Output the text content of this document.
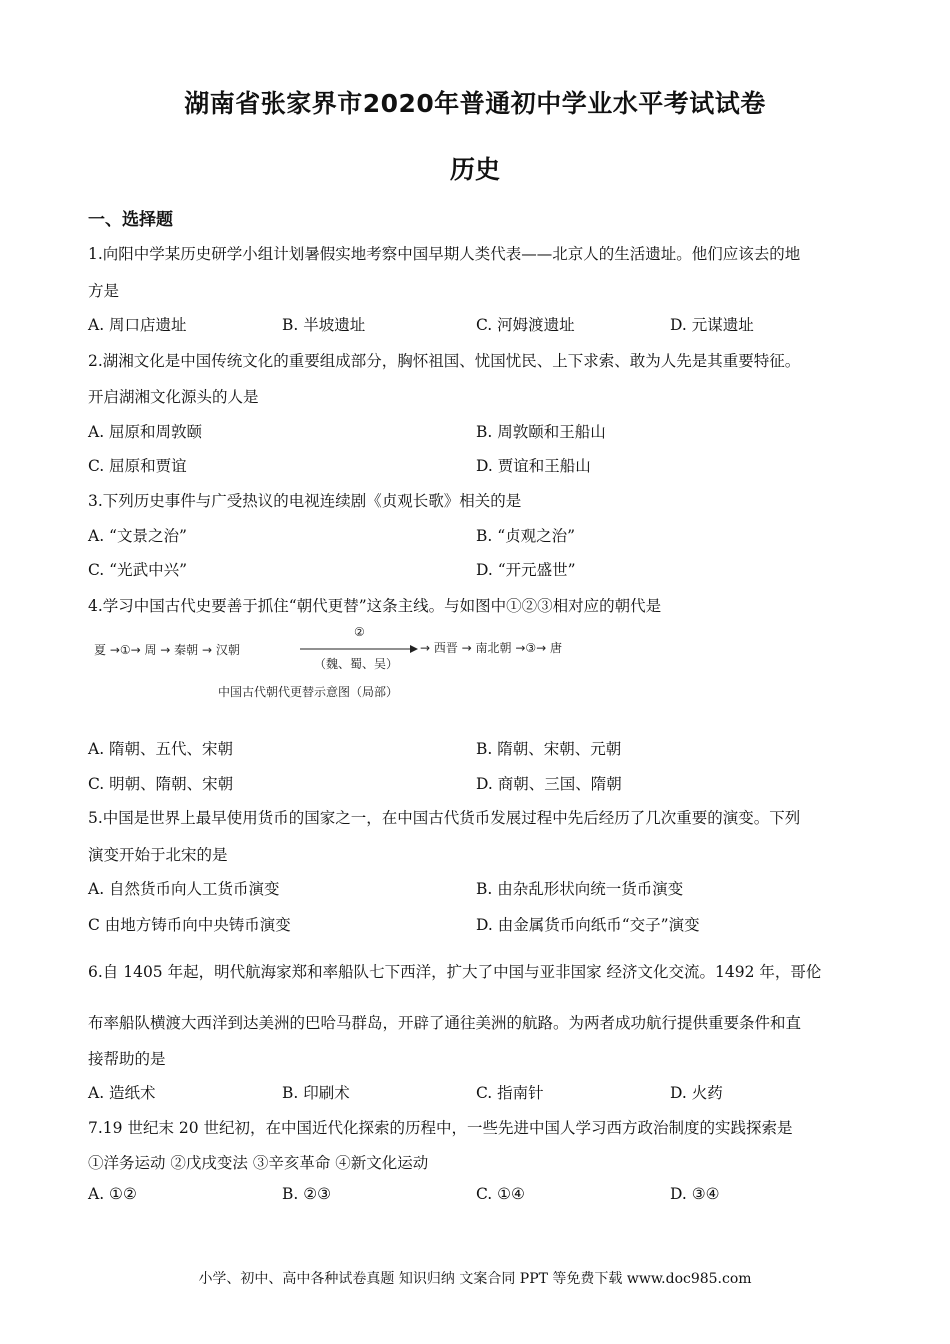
湖南省张家界市2020年普通初中学业水平考试试卷
历史
一、选择题
1.向阳中学某历史研学小组计划暑假实地考察中国早期人类代表——北京人的生活遗址。他们应该去的地
方是
A. 周口店遗址	B. 半坡遗址	C. 河姆渡遗址	D. 元谋遗址
2.湖湘文化是中国传统文化的重要组成部分，胸怀祖国、忧国忧民、上下求索、敢为人先是其重要特征。
开启湖湘文化源头的人是
A. 屈原和周敦颐	B. 周敦颐和王船山
C. 屈原和贾谊	D. 贾谊和王船山
3.下列历史事件与广受热议的电视连续剧《贞观长歌》相关的是
A. “文景之治”	B. “贞观之治”
C. “光武中兴”	D. “开元盛世”
4.学习中国古代史要善于抓住“朝代更替”这条主线。与如图中①②③相对应的朝代是
夏 →①→ 周 → 秦朝 → 汉朝
②
（魏、蜀、吴）
→ 西晋 → 南北朝 →③→ 唐
中国古代朝代更替示意图（局部）
A. 隋朝、五代、宋朝	B. 隋朝、宋朝、元朝
C. 明朝、隋朝、宋朝	D. 商朝、三国、隋朝
5.中国是世界上最早使用货币的国家之一，在中国古代货币发展过程中先后经历了几次重要的演变。下列
演变开始于北宋的是
A. 自然货币向人工货币演变	B. 由杂乱形状向统一货币演变
C 由地方铸币向中央铸币演变	D. 由金属货币向纸币“交子”演变
6.自 1405 年起，明代航海家郑和率船队七下西洋，扩大了中国与亚非国家 经济文化交流。1492 年，哥伦
布率船队横渡大西洋到达美洲的巴哈马群岛，开辟了通往美洲的航路。为两者成功航行提供重要条件和直
接帮助的是
A. 造纸术	B. 印刷术	C. 指南针	D. 火药
7.19 世纪末 20 世纪初，在中国近代化探索的历程中，一些先进中国人学习西方政治制度的实践探索是
①洋务运动 ②戊戌变法 ③辛亥革命 ④新文化运动
A. ①②	B. ②③	C. ①④	D. ③④
小学、初中、高中各种试卷真题 知识归纳 文案合同 PPT 等免费下载 www.doc985.com
